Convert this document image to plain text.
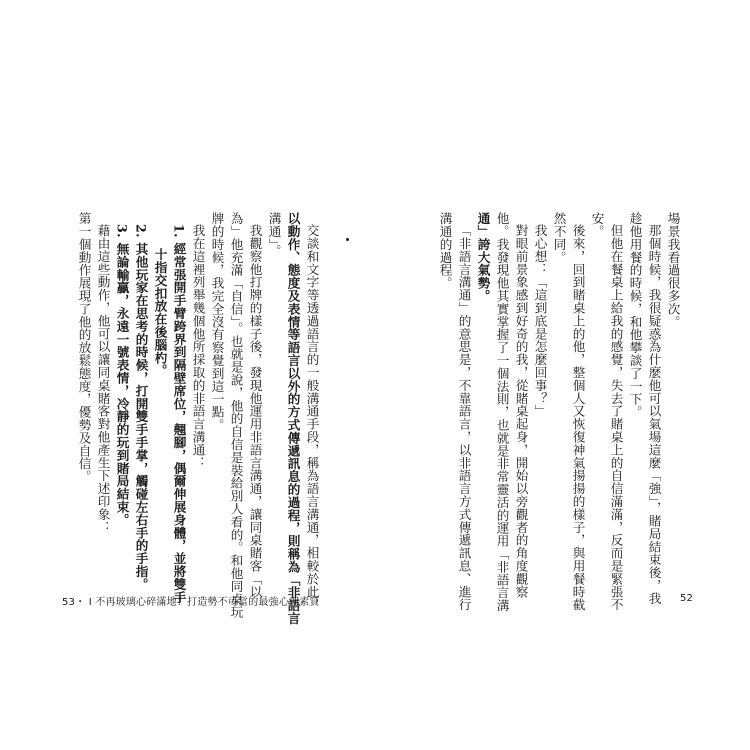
場景我看過很多次。
那個時候，我很疑惑為什麼他可以氣場這麼「強」，賭局結束後，我
趁他用餐的時候，和他攀談了一下。
但他在餐桌上給我的感覺，失去了賭桌上的自信滿滿，反而是緊張不
安。
後來，回到賭桌上的他，整個人又恢復神氣揚揚的樣子，與用餐時截
然不同。
我心想：「這到底是怎麼回事？」
對眼前景象感到好奇的我，從賭桌起身，開始以旁觀者的角度觀察
他。我發現他其實掌握了一個法則，也就是非常靈活的運用「非語言溝
通」誇大氣勢。
「非語言溝通」的意思是，不靠語言，以非語言方式傳遞訊息、進行
溝通的過程。
交談和文字等透過語言的一般溝通手段，稱為語言溝通，相較於此，
以動作、態度及表情等語言以外的方式傳遞訊息的過程，則稱為「非語言
溝通」。
我觀察他打牌的樣子後，發現他運用非語言溝通，讓同桌賭客「以
為」他充滿「自信」。也就是說，他的自信是裝給別人看的。和他同桌玩
牌的時候，我完全沒有察覺到這一點。
我在這裡列舉幾個他所採取的非語言溝通：
1. 經常張開手臂跨界到隔壁席位，翹腳，偶爾伸展身體，並將雙手
十指交扣放在後腦杓。
2. 其他玩家在思考的時候，打開雙手手掌，觸碰左右手的手指。
3. 無論輸贏，永遠一號表情，冷靜的玩到賭局結束。
藉由這些動作，他可以讓同桌賭客對他產生下述印象：
第一個動作展現了他的放鬆態度，優勢及自信。
53・ I 不再玻璃心碎滿地！打造勢不可當的最強心理素質	52
